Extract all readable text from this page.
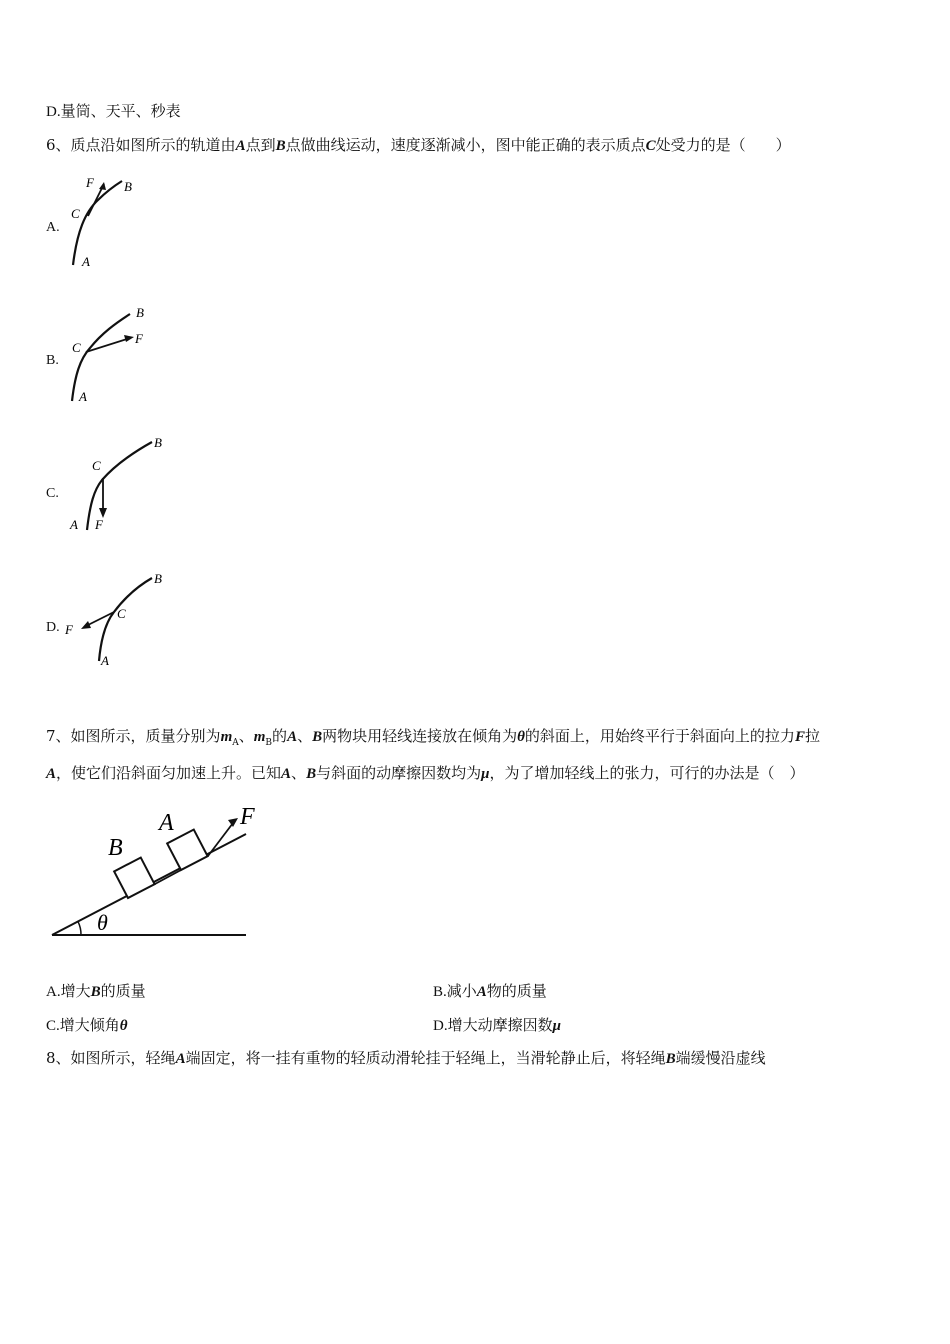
D.量筒、天平、秒表
6、质点沿如图所示的轨道由A点到B点做曲线运动，速度逐渐减小，图中能正确的表示质点C处受力的是（　　）
A.
F B
C
A
B.
B
F
C
A
C.
B
C
A F
D.
B
C
F
A
7、如图所示，质量分别为$m_A$、$m_B$的A、B两物块用轻线连接放在倾角为θ的斜面上，用始终平行于斜面向上的拉力F拉
A，使它们沿斜面匀加速上升。已知A、B与斜面的动摩擦因数均为μ，为了增加轻线上的张力，可行的办法是（　）
θ
B
A	F
A.增大B的质量	B.减小A物的质量
C.增大倾角θ	D.增大动摩擦因数μ
8、如图所示，轻绳A端固定，将一挂有重物的轻质动滑轮挂于轻绳上，当滑轮静止后，将轻绳B端缓慢沿虚线
